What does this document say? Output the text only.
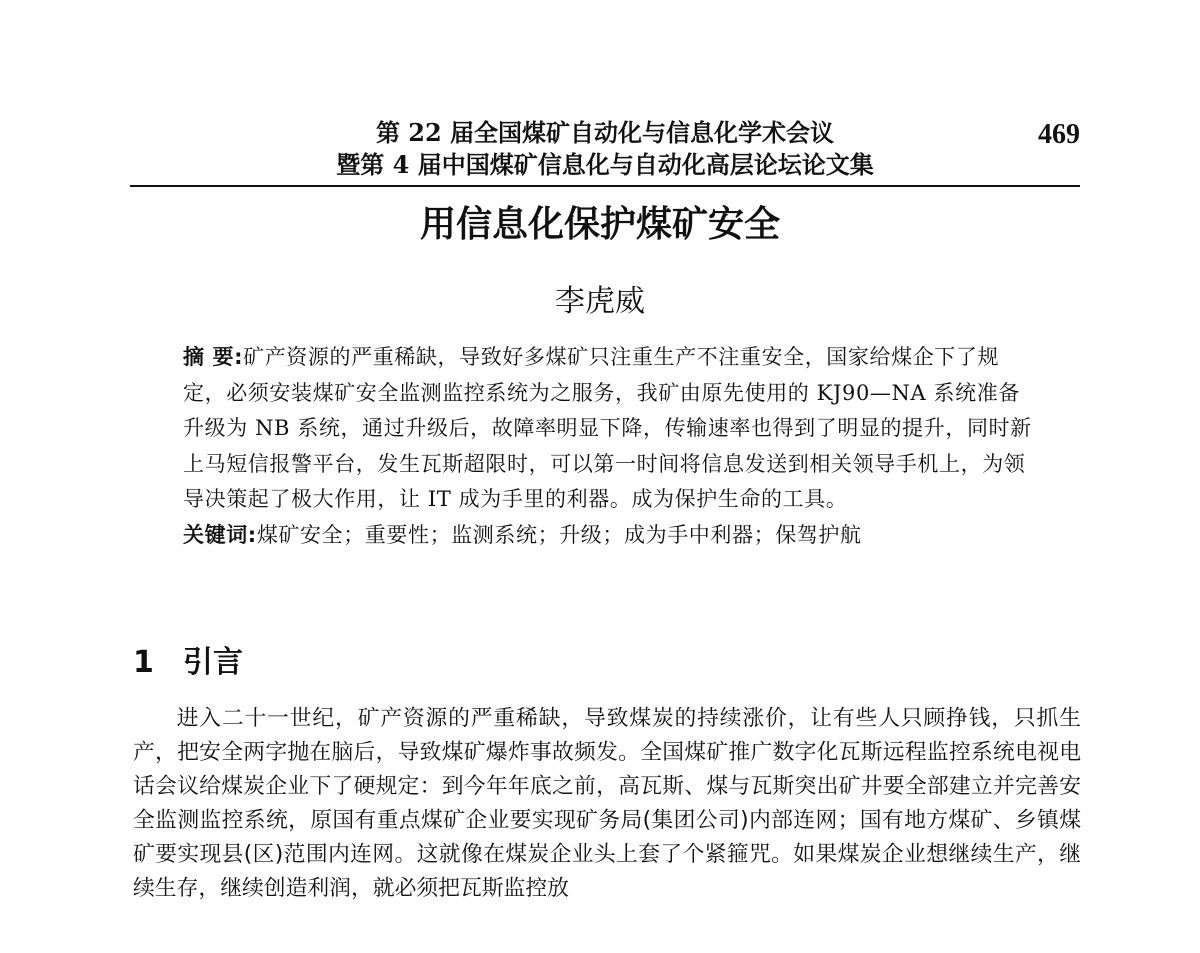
第 22 届全国煤矿自动化与信息化学术会议
暨第 4 届中国煤矿信息化与自动化高层论坛论文集
469
用信息化保护煤矿安全
李虎威

摘 要:矿产资源的严重稀缺，导致好多煤矿只注重生产不注重安全，国家给煤企下了规定，必须安装煤矿安全监测监控系统为之服务，我矿由原先使用的 KJ90—NA 系统准备升级为 NB 系统，通过升级后，故障率明显下降，传输速率也得到了明显的提升，同时新上马短信报警平台，发生瓦斯超限时，可以第一时间将信息发送到相关领导手机上，为领导决策起了极大作用，让 IT 成为手里的利器。成为保护生命的工具。

关键词:煤矿安全；重要性；监测系统；升级；成为手中利器；保驾护航

1 引言

进入二十一世纪，矿产资源的严重稀缺，导致煤炭的持续涨价，让有些人只顾挣钱，只抓生产，把安全两字抛在脑后，导致煤矿爆炸事故频发。全国煤矿推广数字化瓦斯远程监控系统电视电话会议给煤炭企业下了硬规定：到今年年底之前，高瓦斯、煤与瓦斯突出矿井要全部建立并完善安全监测监控系统，原国有重点煤矿企业要实现矿务局(集团公司)内部连网；国有地方煤矿、乡镇煤矿要实现县(区)范围内连网。这就像在煤炭企业头上套了个紧箍咒。如果煤炭企业想继续生产，继续生存，继续创造利润，就必须把瓦斯监控放
